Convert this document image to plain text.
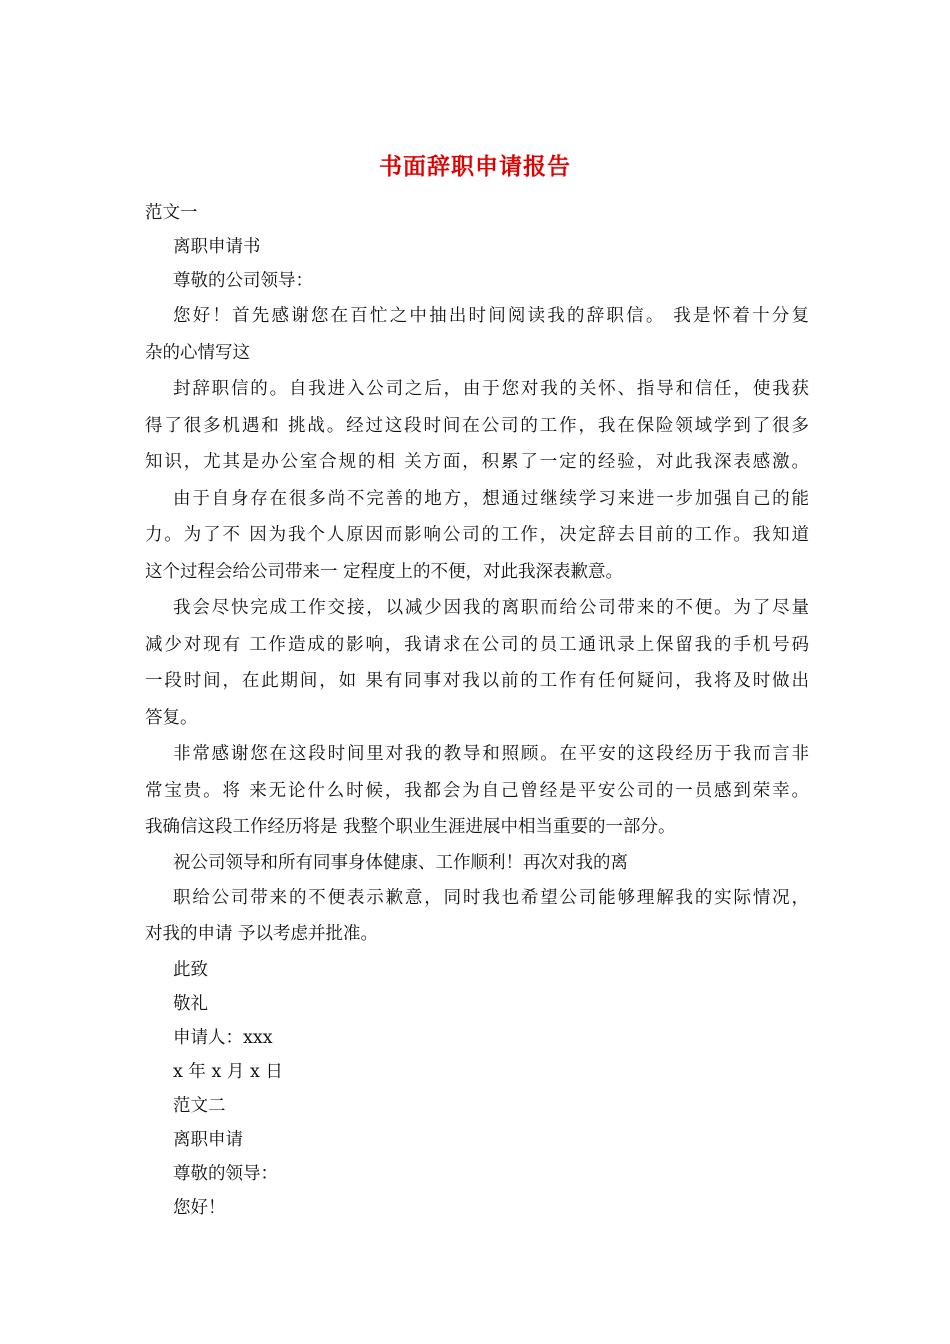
书面辞职申请报告
范文一
离职申请书
尊敬的公司领导：
您好！首先感谢您在百忙之中抽出时间阅读我的辞职信。 我是怀着十分复
杂的心情写这
封辞职信的。自我进入公司之后，由于您对我的关怀、指导和信任，使我获
得了很多机遇和 挑战。经过这段时间在公司的工作，我在保险领域学到了很多
知识，尤其是办公室合规的相 关方面，积累了一定的经验，对此我深表感激。
由于自身存在很多尚不完善的地方，想通过继续学习来进一步加强自己的能
力。为了不 因为我个人原因而影响公司的工作，决定辞去目前的工作。我知道
这个过程会给公司带来一 定程度上的不便，对此我深表歉意。
我会尽快完成工作交接，以减少因我的离职而给公司带来的不便。为了尽量
减少对现有 工作造成的影响，我请求在公司的员工通讯录上保留我的手机号码
一段时间，在此期间，如 果有同事对我以前的工作有任何疑问，我将及时做出
答复。
非常感谢您在这段时间里对我的教导和照顾。在平安的这段经历于我而言非
常宝贵。将 来无论什么时候，我都会为自己曾经是平安公司的一员感到荣幸。
我确信这段工作经历将是 我整个职业生涯进展中相当重要的一部分。
祝公司领导和所有同事身体健康、工作顺利！再次对我的离
职给公司带来的不便表示歉意，同时我也希望公司能够理解我的实际情况，
对我的申请 予以考虑并批准。
此致
敬礼
申请人：xxx
x 年 x 月 x 日
范文二
离职申请
尊敬的领导：
您好！
